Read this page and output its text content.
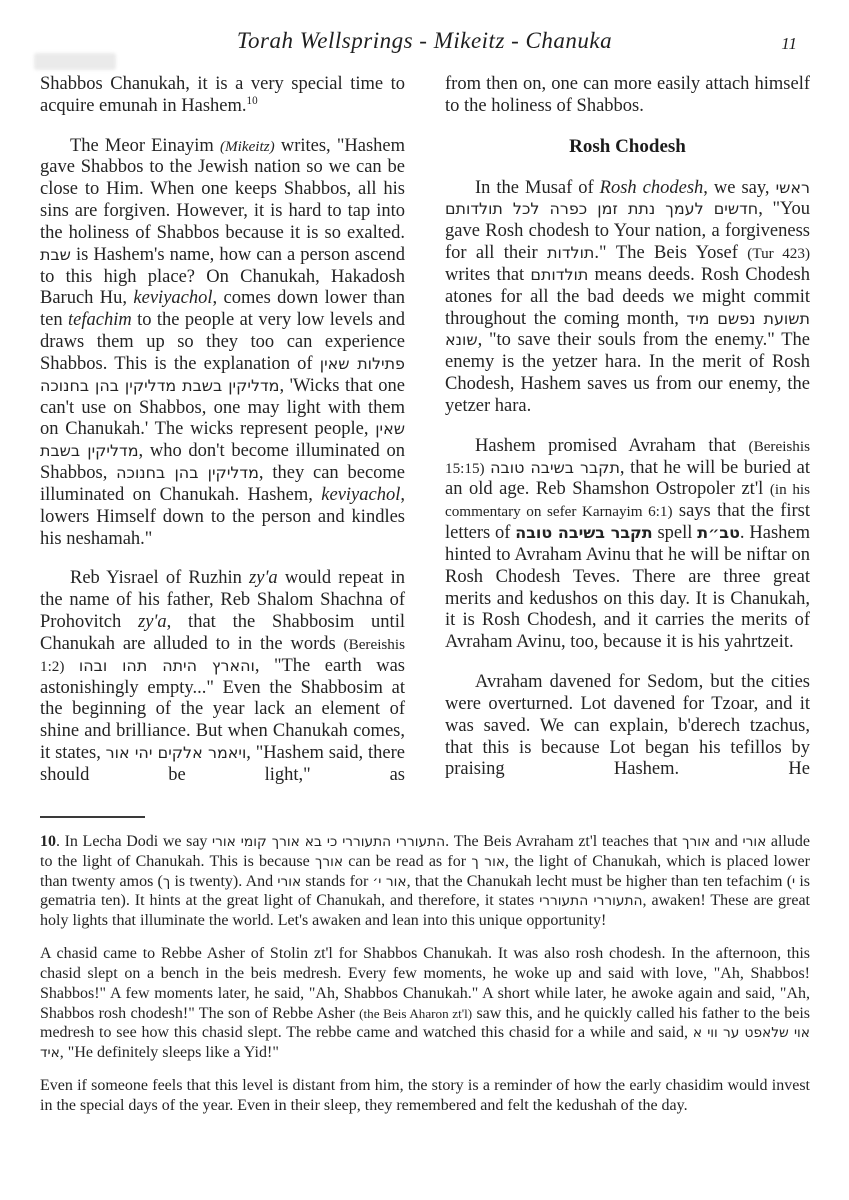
Torah Wellsprings - Mikeitz - Chanuka	11

Shabbos Chanukah, it is a very special time to acquire emunah in Hashem.$^{10}$

The Meor Einayim (Mikeitz) writes, "Hashem gave Shabbos to the Jewish nation so we can be close to Him. When one keeps Shabbos, all his sins are forgiven. However, it is hard to tap into the holiness of Shabbos because it is so exalted. שבת is Hashem's name, how can a person ascend to this high place? On Chanukah, Hakadosh Baruch Hu, keviyachol, comes down lower than ten tefachim to the people at very low levels and draws them up so they too can experience Shabbos. This is the explanation of פתילות שאין מדליקין בשבת מדליקין בהן בחנוכה, 'Wicks that one can't use on Shabbos, one may light with them on Chanukah.' The wicks represent people, שאין מדליקין בשבת, who don't become illuminated on Shabbos, מדליקין בהן בחנוכה, they can become illuminated on Chanukah. Hashem, keviyachol, lowers Himself down to the person and kindles his neshamah."

Reb Yisrael of Ruzhin zy'a would repeat in the name of his father, Reb Shalom Shachna of Prohovitch zy'a, that the Shabbosim until Chanukah are alluded to in the words (Bereishis 1:2) והארץ היתה תהו ובהו, "The earth was astonishingly empty..." Even the Shabbosim at the beginning of the year lack an element of shine and brilliance. But when Chanukah comes, it states, ויאמר אלקים יהי אור, "Hashem said, there should be light," as

from then on, one can more easily attach himself to the holiness of Shabbos.

Rosh Chodesh

In the Musaf of Rosh chodesh, we say, ראשי חדשים לעמך נתת זמן כפרה לכל תולדותם, "You gave Rosh chodesh to Your nation, a forgiveness for all their תולדות." The Beis Yosef (Tur 423) writes that תולדותם means deeds. Rosh Chodesh atones for all the bad deeds we might commit throughout the coming month, תשועת נפשם מיד שונא, "to save their souls from the enemy." The enemy is the yetzer hara. In the merit of Rosh Chodesh, Hashem saves us from our enemy, the yetzer hara.

Hashem promised Avraham that (Bereishis 15:15) תקבר בשיבה טובה, that he will be buried at an old age. Reb Shamshon Ostropoler zt'l (in his commentary on sefer Karnayim 6:1) says that the first letters of תקבר בשיבה טובה spell טב״ת. Hashem hinted to Avraham Avinu that he will be niftar on Rosh Chodesh Teves. There are three great merits and kedushos on this day. It is Chanukah, it is Rosh Chodesh, and it carries the merits of Avraham Avinu, too, because it is his yahrtzeit.

Avraham davened for Sedom, but the cities were overturned. Lot davened for Tzoar, and it was saved. We can explain, b'derech tzachus, that this is because Lot began his tefillos by praising Hashem. He

10. In Lecha Dodi we say התעוררי התעוררי כי בא אורך קומי אורי. The Beis Avraham zt'l teaches that אורך and אורי allude to the light of Chanukah. This is because אורך can be read as for אור ך, the light of Chanukah, which is placed lower than twenty amos (ך is twenty). And אורי stands for אור י׳, that the Chanukah lecht must be higher than ten tefachim (י is gematria ten). It hints at the great light of Chanukah, and therefore, it states התעוררי התעוררי, awaken! These are great holy lights that illuminate the world. Let's awaken and lean into this unique opportunity!

A chasid came to Rebbe Asher of Stolin zt'l for Shabbos Chanukah. It was also rosh chodesh. In the afternoon, this chasid slept on a bench in the beis medresh. Every few moments, he woke up and said with love, "Ah, Shabbos! Shabbos!" A few moments later, he said, "Ah, Shabbos Chanukah." A short while later, he awoke again and said, "Ah, Shabbos rosh chodesh!" The son of Rebbe Asher (the Beis Aharon zt'l) saw this, and he quickly called his father to the beis medresh to see how this chasid slept. The rebbe came and watched this chasid for a while and said, אוי שלאפט ער ווי א איד, "He definitely sleeps like a Yid!"

Even if someone feels that this level is distant from him, the story is a reminder of how the early chasidim would invest in the special days of the year. Even in their sleep, they remembered and felt the kedushah of the day.
